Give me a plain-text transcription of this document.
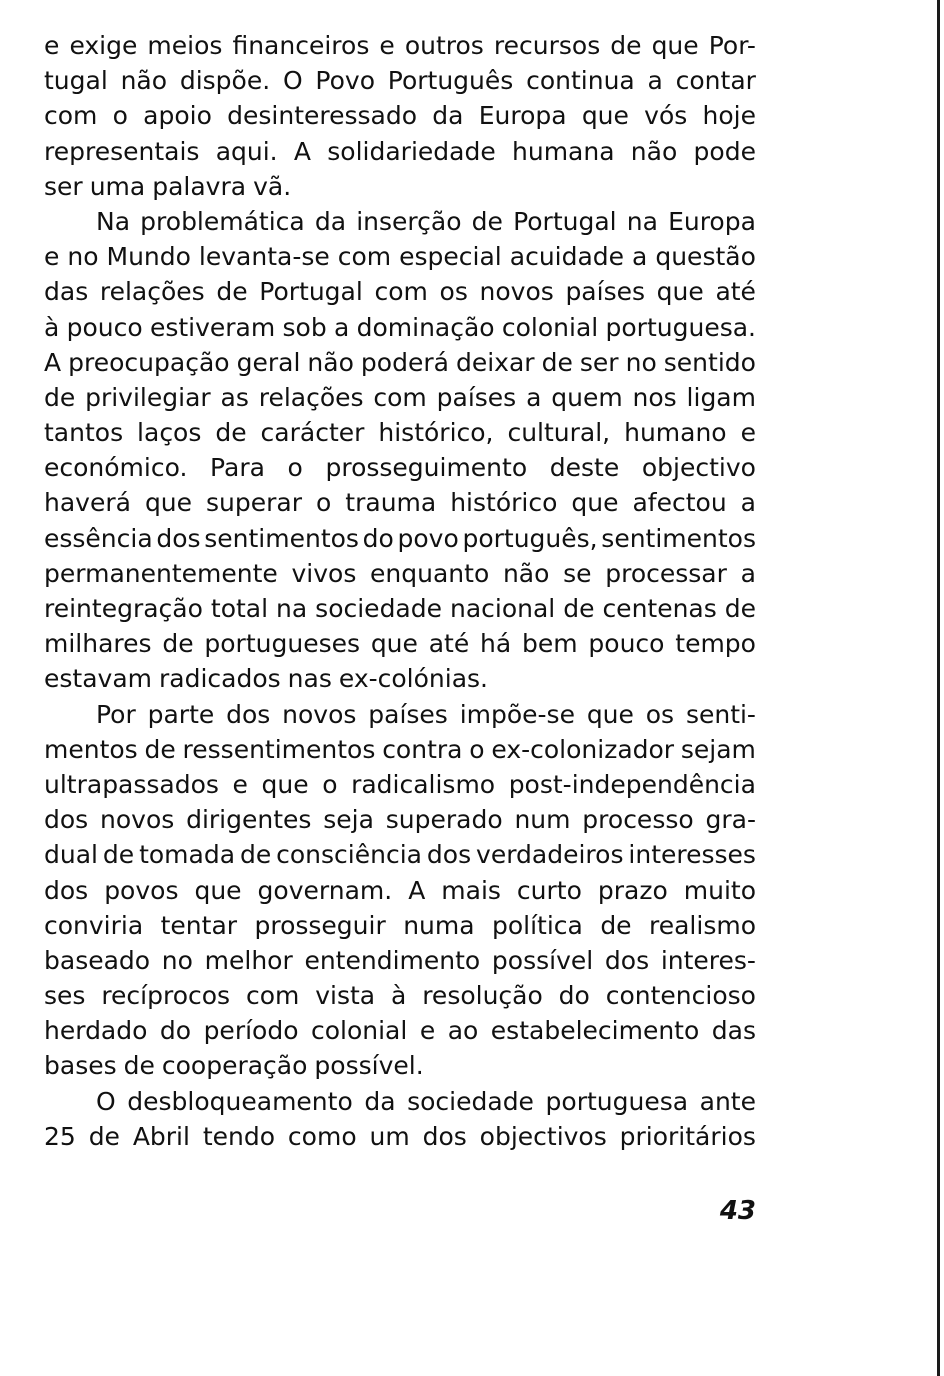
e exige meios financeiros e outros recursos de que Por-
tugal não dispõe. O Povo Português continua a contar
com o apoio desinteressado da Europa que vós hoje
representais aqui. A solidariedade humana não pode
ser uma palavra vã.
Na problemática da inserção de Portugal na Europa
e no Mundo levanta-se com especial acuidade a questão
das relações de Portugal com os novos países que até
à pouco estiveram sob a dominação colonial portuguesa.
A preocupação geral não poderá deixar de ser no sentido
de privilegiar as relações com países a quem nos ligam
tantos laços de carácter histórico, cultural, humano e
económico. Para o prosseguimento deste objectivo
haverá que superar o trauma histórico que afectou a
essência dos sentimentos do povo português, sentimentos
permanentemente vivos enquanto não se processar a
reintegração total na sociedade nacional de centenas de
milhares de portugueses que até há bem pouco tempo
estavam radicados nas ex-colónias.
Por parte dos novos países impõe-se que os senti-
mentos de ressentimentos contra o ex-colonizador sejam
ultrapassados e que o radicalismo post-independência
dos novos dirigentes seja superado num processo gra-
dual de tomada de consciência dos verdadeiros interesses
dos povos que governam. A mais curto prazo muito
conviria tentar prosseguir numa política de realismo
baseado no melhor entendimento possível dos interes-
ses recíprocos com vista à resolução do contencioso
herdado do período colonial e ao estabelecimento das
bases de cooperação possível.
O desbloqueamento da sociedade portuguesa ante
25 de Abril tendo como um dos objectivos prioritários
43
